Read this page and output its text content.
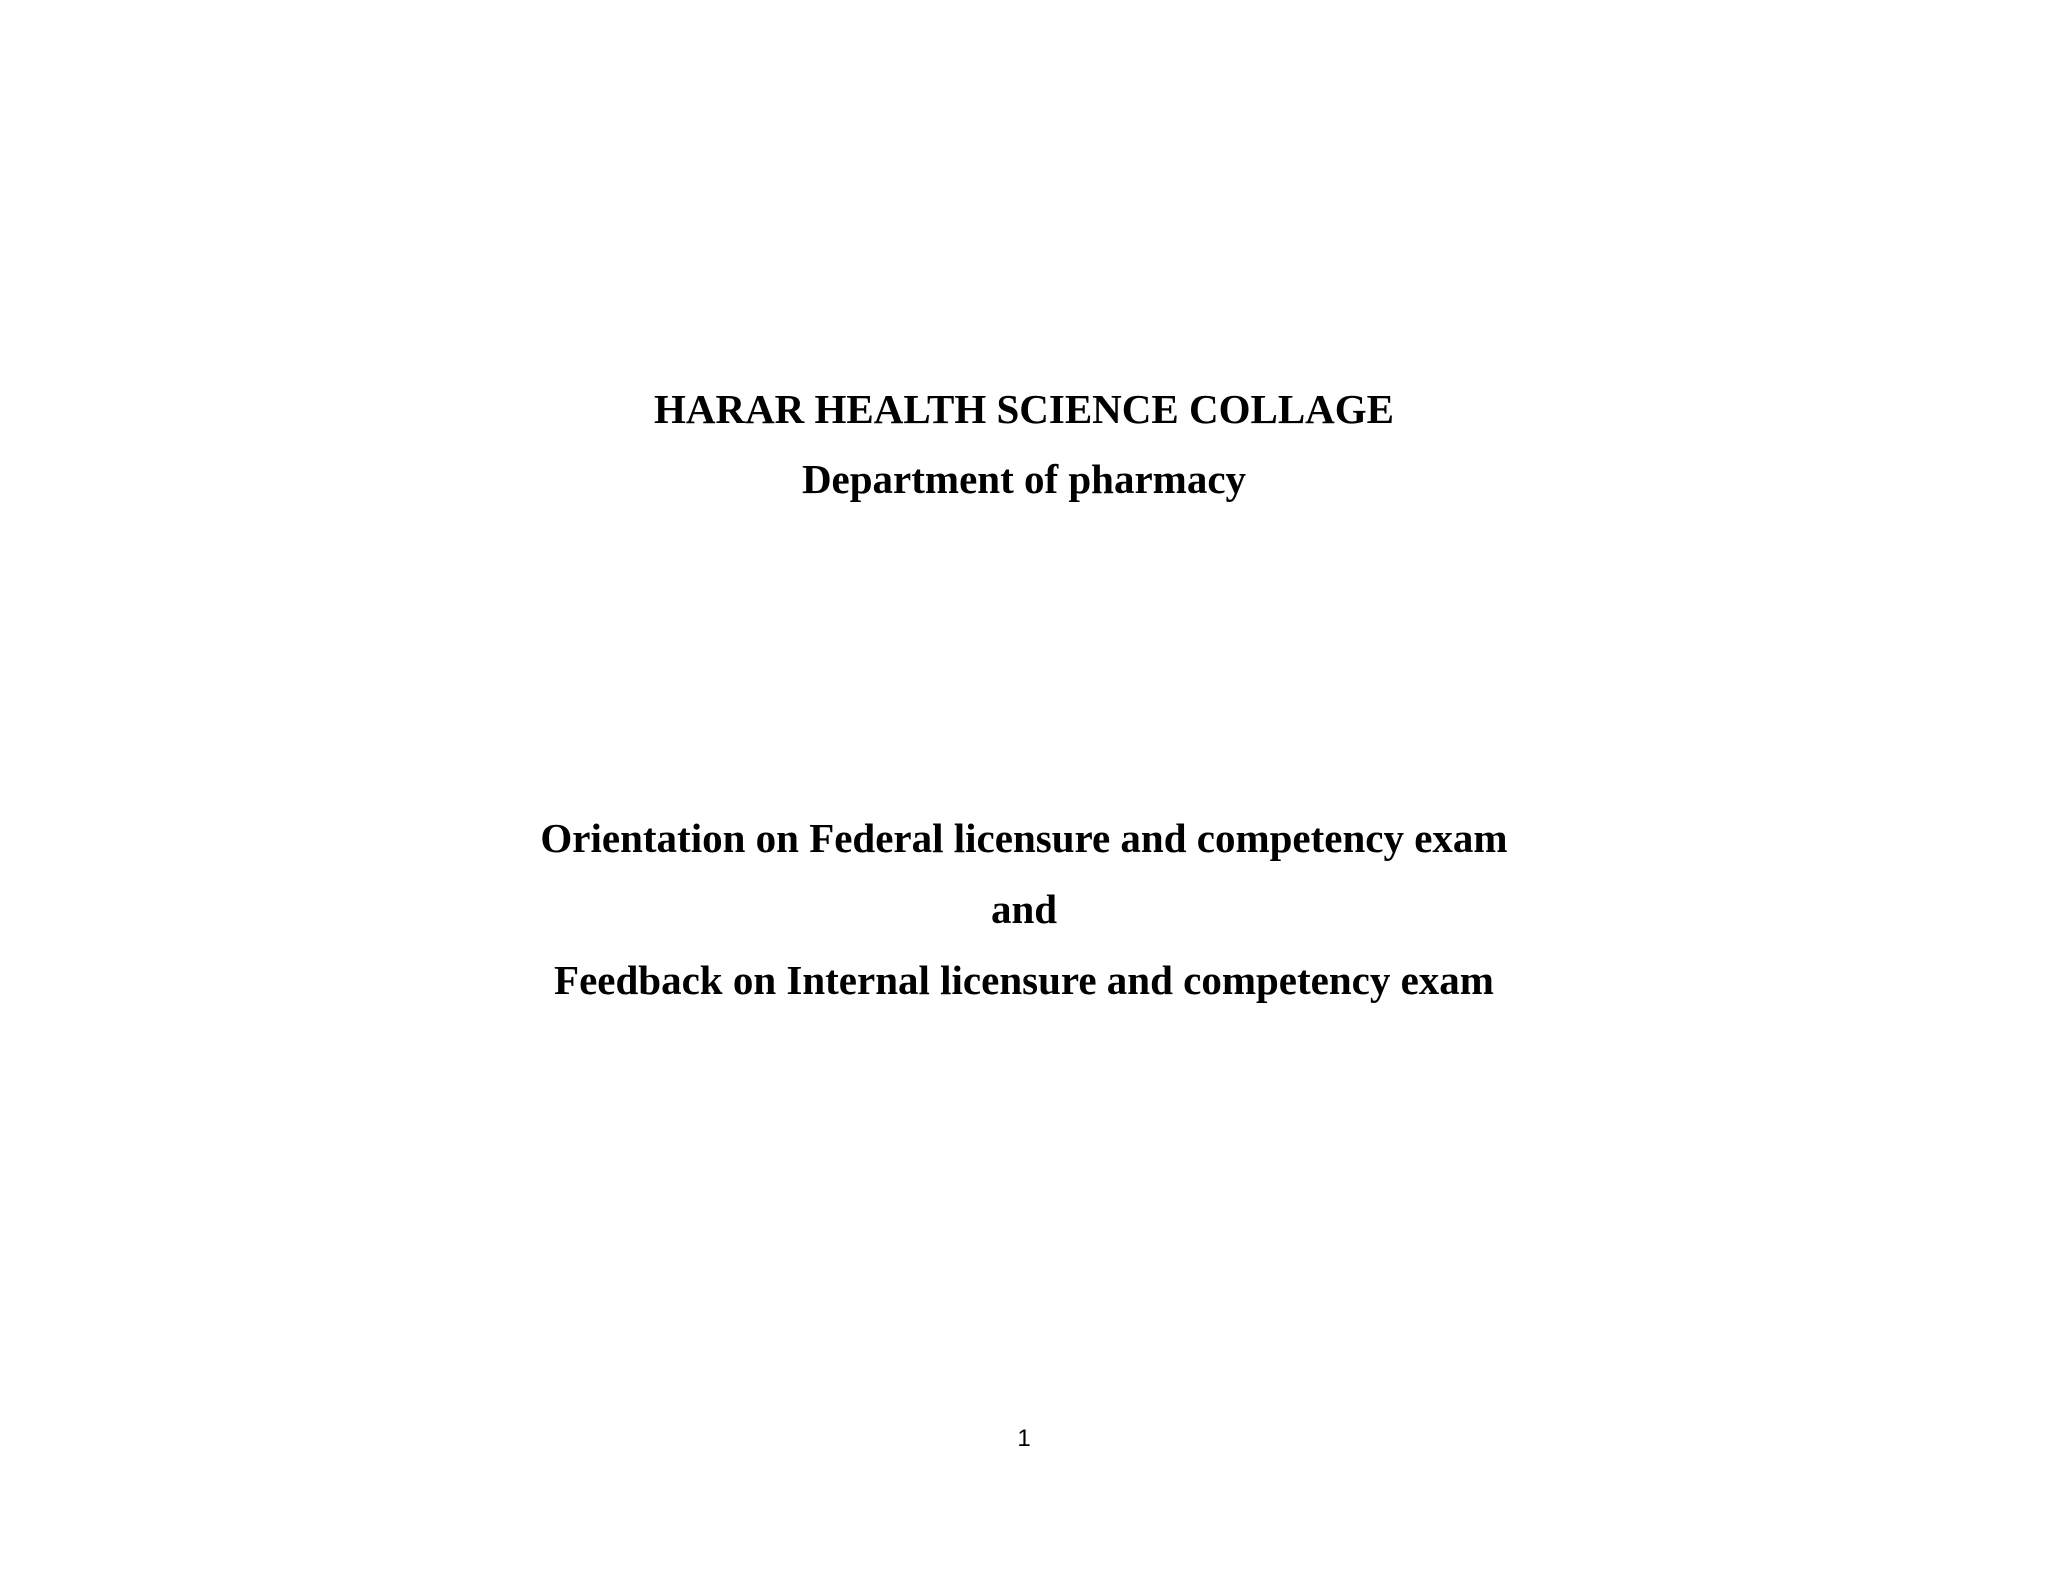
HARAR HEALTH SCIENCE COLLAGE
Department of pharmacy

Orientation on Federal licensure and competency exam

and

Feedback on Internal licensure and competency exam

1
